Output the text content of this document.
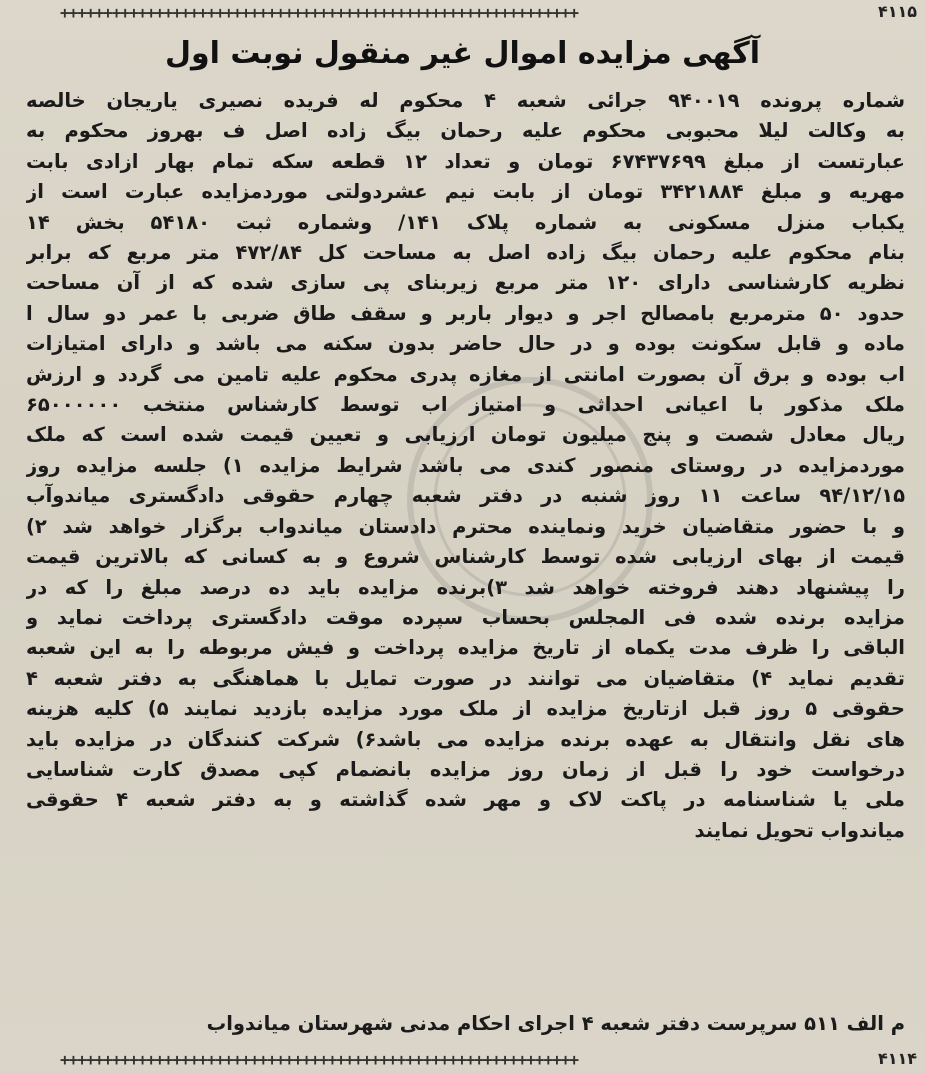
++++++++++++++++++++++++++++++++++++++++++++++++++++++++++++	۴۱۱۵
آگهی مزایده اموال غیر منقول نوبت اول
شماره پرونده ۹۴۰۰۱۹ جرائی شعبه ۴ محکوم له فریده نصیری یاریجان خالصه
به وکالت لیلا محبوبی محکوم علیه رحمان بیگ زاده اصل ف بهروز محکوم به
عبارتست از مبلغ ۶۷۴۳۷۶۹۹ تومان و تعداد ۱۲ قطعه سکه تمام بهار ازادی بابت
مهریه و مبلغ ۳۴۲۱۸۸۴ تومان از بابت نیم عشردولتی موردمزایده عبارت است از
یکباب منزل مسکونی به شماره پلاک ۱۴۱/ وشماره ثبت ۵۴۱۸۰ بخش ۱۴
بنام محکوم علیه رحمان بیگ زاده اصل به مساحت کل ۴۷۲/۸۴ متر مربع که برابر
نظریه کارشناسی دارای ۱۲۰ متر مربع زیربنای پی سازی شده که از آن مساحت
حدود ۵۰ مترمربع بامصالح اجر و دیوار باربر و سقف طاق ضربی با عمر دو سال ا
ماده و قابل سکونت بوده و در حال حاضر بدون سکنه می باشد و دارای امتیازات
اب بوده و برق آن بصورت امانتی از مغازه پدری محکوم علیه تامین می گردد و ارزش
ملک مذکور با اعیانی احداثی و امتیاز اب توسط کارشناس منتخب ۶۵۰۰۰۰۰۰
ریال معادل شصت و پنج میلیون تومان ارزیابی و تعیین قیمت شده است که ملک
موردمزایده در روستای منصور کندی می باشد شرایط مزایده ۱) جلسه مزایده روز
۹۴/۱۲/۱۵ ساعت ۱۱ روز شنبه در دفتر شعبه چهارم حقوقی دادگستری میاندوآب
و با حضور متقاضیان خرید ونماینده محترم دادستان میاندواب برگزار خواهد شد ۲)
قیمت از بهای ارزیابی شده توسط کارشناس شروع و به کسانی که بالاترین قیمت
را پیشنهاد دهند فروخته خواهد شد ۳)برنده مزایده باید ده درصد مبلغ را که در
مزایده برنده شده فی المجلس بحساب سپرده موقت دادگستری پرداخت نماید و
الباقی را ظرف مدت یکماه از تاریخ مزایده پرداخت و فیش مربوطه را به این شعبه
تقدیم نماید ۴) متقاضیان می توانند در صورت تمایل با هماهنگی به دفتر شعبه ۴
حقوقی ۵ روز قبل ازتاریخ مزایده از ملک مورد مزایده بازدید نمایند ۵) کلیه هزینه
های نقل وانتقال به عهده برنده مزایده می باشد۶) شرکت کنندگان در مزایده باید
درخواست خود را قبل از زمان روز مزایده بانضمام کپی مصدق کارت شناسایی
ملی یا شناسنامه در پاکت لاک و مهر شده گذاشته و به دفتر شعبه ۴ حقوقی
میاندواب تحویل نمایند
م الف ۵۱۱ سرپرست دفتر شعبه ۴ اجرای احکام مدنی شهرستان میاندواب
++++++++++++++++++++++++++++++++++++++++++++++++++++++++++++	۴۱۱۴
